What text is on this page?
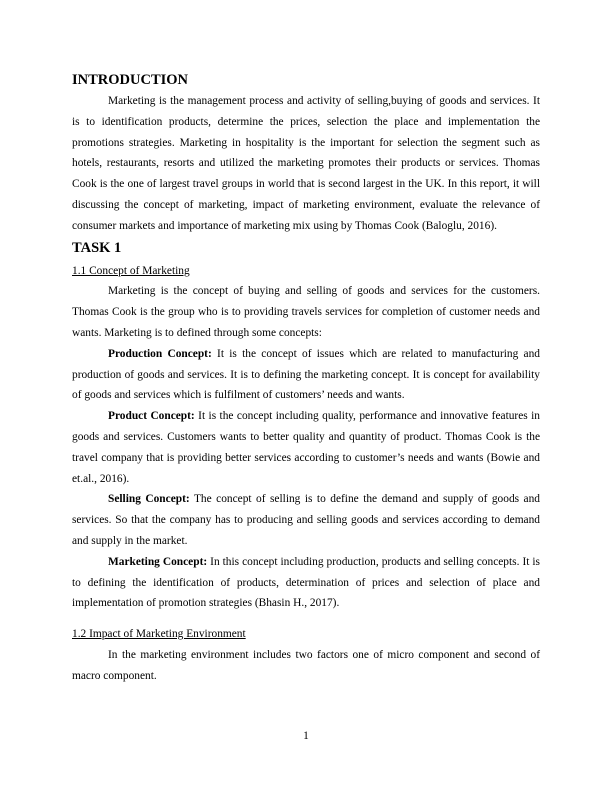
INTRODUCTION

Marketing is the management process and activity of selling,buying of goods and services. It is to identification products, determine the prices, selection the place and implementation the promotions strategies. Marketing in hospitality is the important for selection the segment such as hotels, restaurants, resorts and utilized the marketing promotes their products or services. Thomas Cook is the one of largest travel groups in world that is second largest in the UK. In this report, it will discussing the concept of marketing, impact of marketing environment, evaluate the relevance of consumer markets and importance of marketing mix using by Thomas Cook (Baloglu, 2016).

TASK 1
1.1 Concept of Marketing

Marketing is the concept of buying and selling of goods and services for the customers. Thomas Cook is the group who is to providing travels services for completion of customer needs and wants. Marketing is to defined through some concepts:

Production Concept: It is the concept of issues which are related to manufacturing and production of goods and services. It is to defining the marketing concept. It is concept for availability of goods and services which is fulfilment of customers’ needs and wants.

Product Concept: It is the concept including quality, performance and innovative features in goods and services. Customers wants to better quality and quantity of product. Thomas Cook is the travel company that is providing better services according to customer’s needs and wants (Bowie and et.al., 2016).

Selling Concept: The concept of selling is to define the demand and supply of goods and services. So that the company has to producing and selling goods and services according to demand and supply in the market.

Marketing Concept: In this concept including production, products and selling concepts. It is to defining the identification of products, determination of prices and selection of place and implementation of promotion strategies (Bhasin H., 2017).

1.2 Impact of Marketing Environment

In the marketing environment includes two factors one of micro component and second of macro component.

1
